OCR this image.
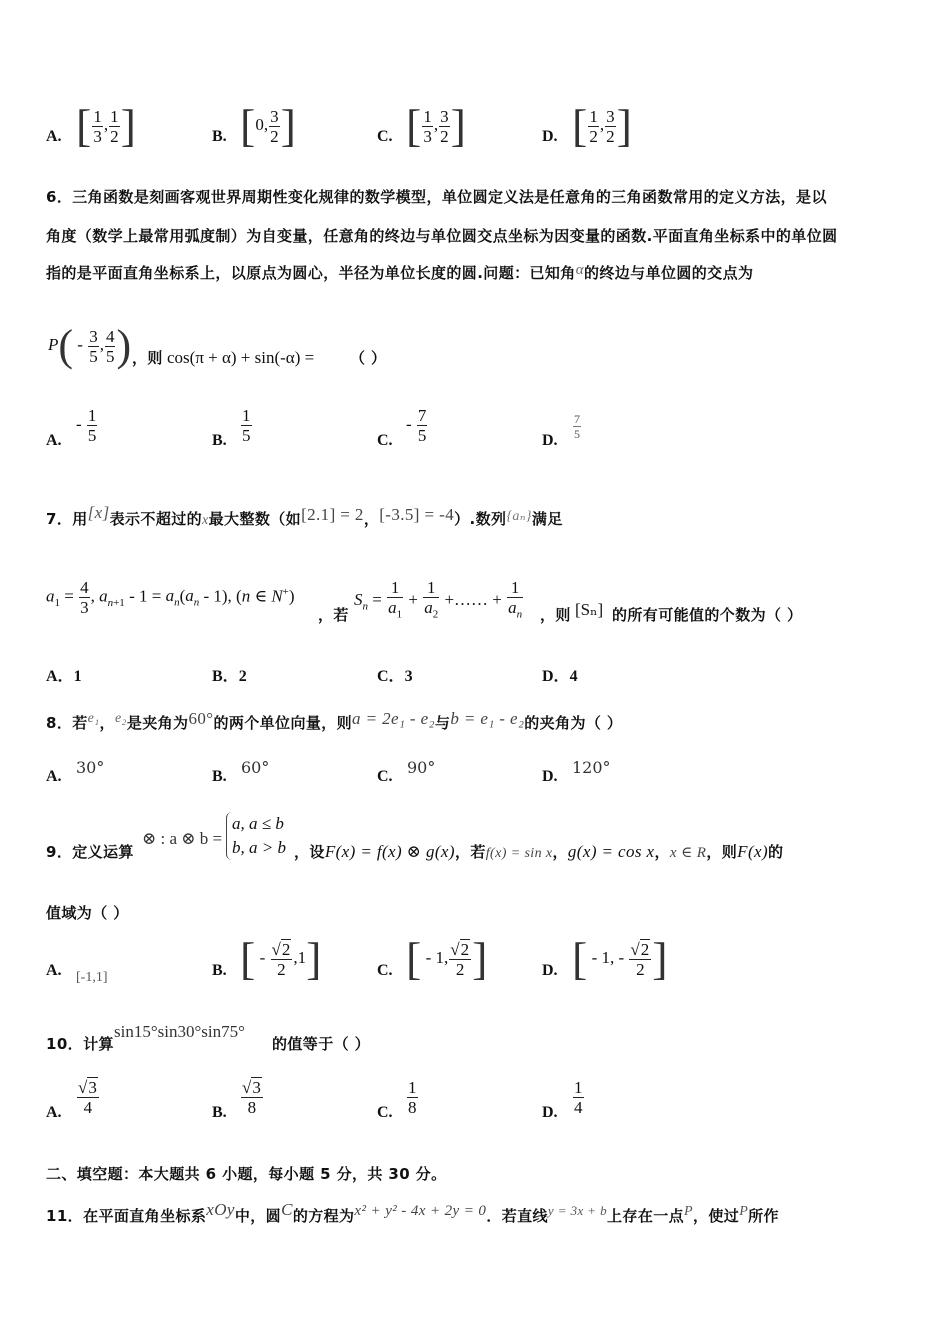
A. [ $\frac{1}{3}$ , $\frac{1}{2}$ ]	B. [0, $\frac{3}{2}$ ]	C. [ $\frac{1}{3}$ , $\frac{3}{2}$ ]	D. [ $\frac{1}{2}$ , $\frac{3}{2}$ ]
6．三角函数是刻画客观世界周期性变化规律的数学模型，单位圆定义法是任意角的三角函数常用的定义方法，是以
角度（数学上最常用弧度制）为自变量，任意角的终边与单位圆交点坐标为因变量的函数.平面直角坐标系中的单位圆
指的是平面直角坐标系上，以原点为圆心，半径为单位长度的圆.问题：已知角α的终边与单位圆的交点为
$P( - \frac{3}{5}$ , $\frac{4}{5}$ ) ，则 cos(π + α) + sin(-α) = （ ）
A.
- $\frac{1}{5}$	B. $\frac{1}{5}$	C.
- $\frac{7}{5}$	D. $\frac{7}{5}$
7．用[x]表示不超过的x最大整数（如[2.1] = 2，[-3.5] = -4）.数列{aₙ}满足
$a_1 = \frac{4}{3}$ , $a_{n+1} - 1 = a_n(a_n - 1)$, (n ∈ N+)
，若
$S_n = \frac{1}{a_1} + \frac{1}{a_2}$ +…… + $\frac{1}{a_n}$ ，则 [Sₙ] 的所有可能值的个数为（ ）
A．1	B．2	C．3	D．4
8．若e₁，e₂是夹角为60°的两个单位向量，则a = 2e₁ - e₂与b = e₁ - e₂的夹角为（ ）
A. 30°	B. 60°	C. 90°	D. 120°
9．定义运算
⊗ : a ⊗ b =
a, a ≤ b
b, a > b ，设F(x) = f(x) ⊗ g(x)，若f(x) = sin x，g(x) = cos x，x ∈ R，则F(x)的
值域为（ ）
A. [-1,1]	B. [ - $\frac{√2}{2} ,1$]	C. [ - 1, $\frac{√2}{2}$ ]	D. [ - 1, - $\frac{√2}{2}$ ]
10．计算
sin15°sin30°sin75°
的值等于（ ）
A. $\frac{√3}{4}$	B. $\frac{√3}{8}$	C. $\frac{1}{8}$	D. $\frac{1}{4}$
二、填空题：本大题共 6 小题，每小题 5 分，共 30 分。
11．在平面直角坐标系xOy中，圆C的方程为x² + y² - 4x + 2y = 0．若直线y = 3x + b上存在一点P，使过P所作
